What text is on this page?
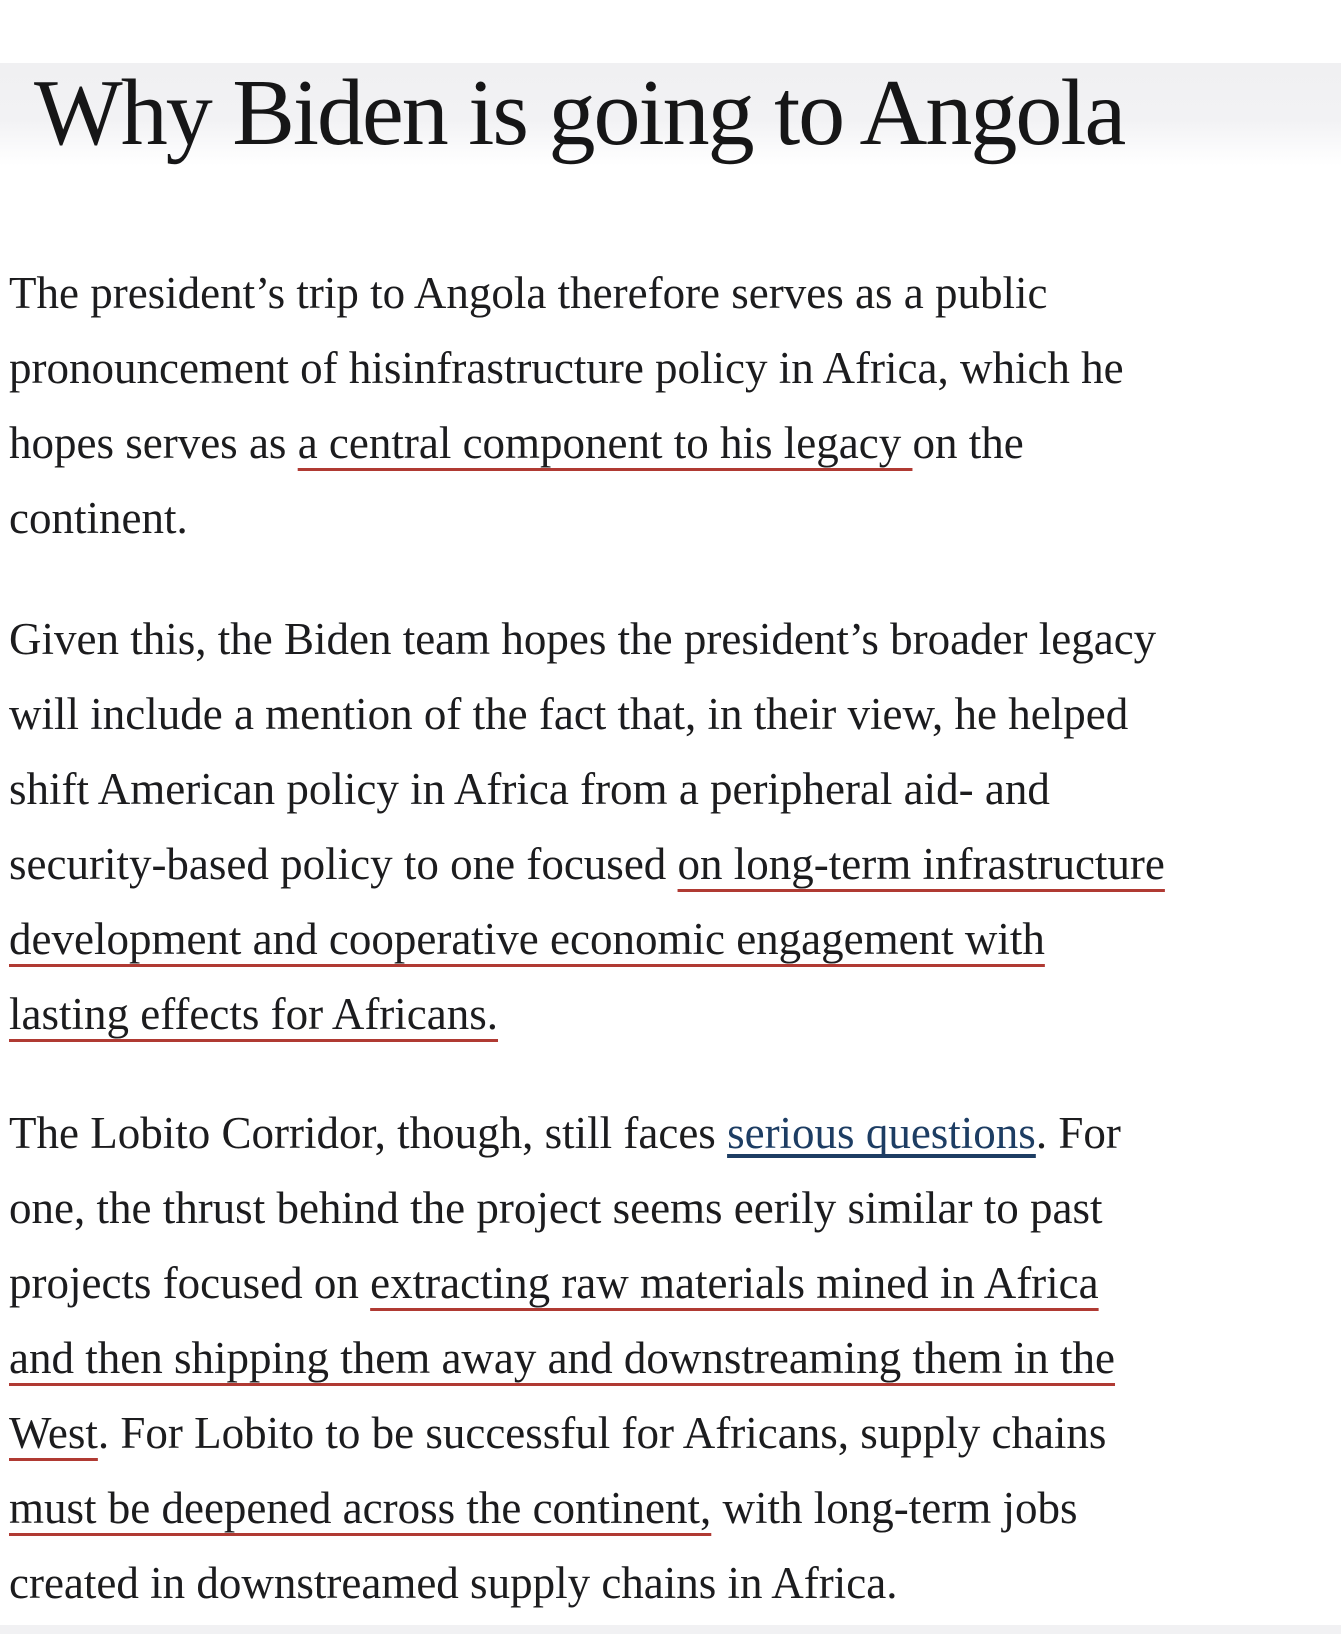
Why Biden is going to Angola

The president’s trip to Angola therefore serves as a public
pronouncement of hisinfrastructure policy in Africa, which he
hopes serves as a central component to his legacy on the
continent.

Given this, the Biden team hopes the president’s broader legacy
will include a mention of the fact that, in their view, he helped
shift American policy in Africa from a peripheral aid- and
security-based policy to one focused on long-term infrastructure
development and cooperative economic engagement with
lasting effects for Africans.

The Lobito Corridor, though, still faces serious questions. For
one, the thrust behind the project seems eerily similar to past
projects focused on extracting raw materials mined in Africa
and then shipping them away and downstreaming them in the
West. For Lobito to be successful for Africans, supply chains
must be deepened across the continent, with long-term jobs
created in downstreamed supply chains in Africa.
